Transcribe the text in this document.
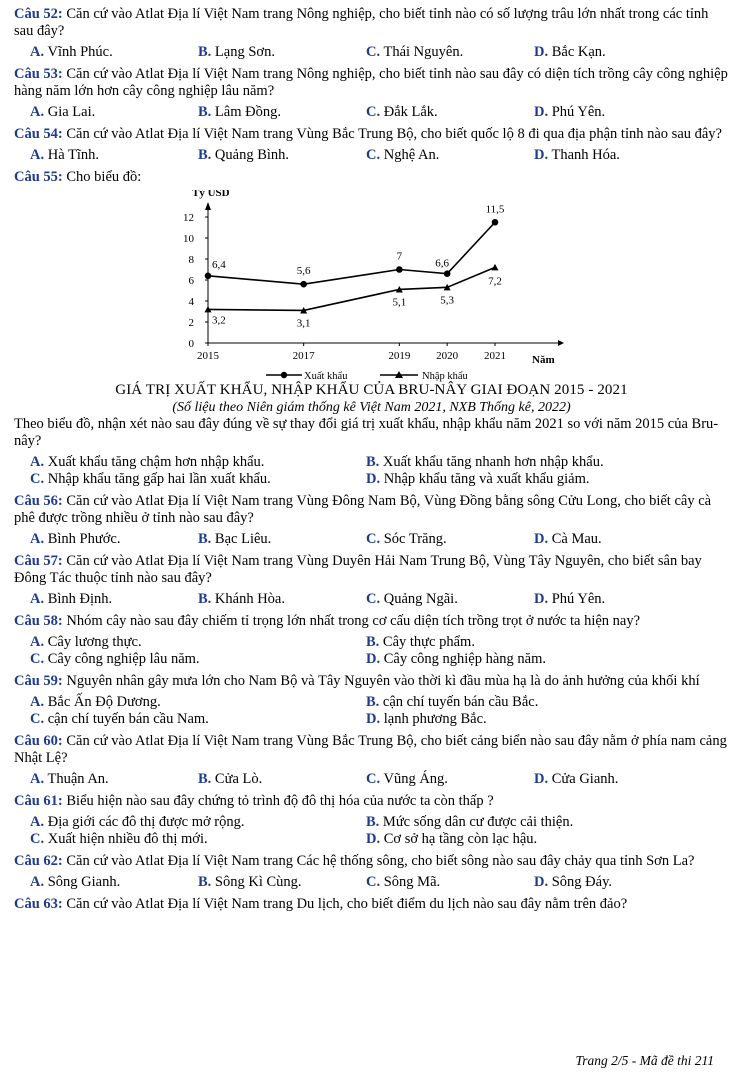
Câu 52: Căn cứ vào Atlat Địa lí Việt Nam trang Nông nghiệp, cho biết tỉnh nào có số lượng trâu lớn nhất trong các tỉnh sau đây?

A. Vĩnh Phúc.	B. Lạng Sơn.	C. Thái Nguyên.	D. Bắc Kạn.

Câu 53: Căn cứ vào Atlat Địa lí Việt Nam trang Nông nghiệp, cho biết tỉnh nào sau đây có diện tích trồng cây công nghiệp hàng năm lớn hơn cây công nghiệp lâu năm?

A. Gia Lai.	B. Lâm Đồng.	C. Đắk Lắk.	D. Phú Yên.

Câu 54: Căn cứ vào Atlat Địa lí Việt Nam trang Vùng Bắc Trung Bộ, cho biết quốc lộ 8 đi qua địa phận tỉnh nào sau đây?

A. Hà Tĩnh.	B. Quảng Bình.	C. Nghệ An.	D. Thanh Hóa.

Câu 55: Cho biểu đồ:

Tỷ USD
Năm
0
2
4
6
8
10
12
2015	2017	2019 2020 2021
6,4
5,6
7
6,6
11,5
3,2	3,1
5,1	5,3
7,2
Xuất khẩu	Nhập khẩu
GIÁ TRỊ XUẤT KHẨU, NHẬP KHẨU CỦA BRU-NÂY GIAI ĐOẠN 2015 - 2021
(Số liệu theo Niên giám thống kê Việt Nam 2021, NXB Thống kê, 2022)

Theo biểu đồ, nhận xét nào sau đây đúng về sự thay đổi giá trị xuất khẩu, nhập khẩu năm 2021 so với năm 2015 của Bru-nây?

A. Xuất khẩu tăng chậm hơn nhập khẩu.	B. Xuất khẩu tăng nhanh hơn nhập khẩu.
C. Nhập khẩu tăng gấp hai lần xuất khẩu.	D. Nhập khẩu tăng và xuất khẩu giảm.

Câu 56: Căn cứ vào Atlat Địa lí Việt Nam trang Vùng Đông Nam Bộ, Vùng Đồng bằng sông Cửu Long, cho biết cây cà phê được trồng nhiều ở tỉnh nào sau đây?

A. Bình Phước.	B. Bạc Liêu.	C. Sóc Trăng.	D. Cà Mau.

Câu 57: Căn cứ vào Atlat Địa lí Việt Nam trang Vùng Duyên Hải Nam Trung Bộ, Vùng Tây Nguyên, cho biết sân bay Đông Tác thuộc tỉnh nào sau đây?

A. Bình Định.	B. Khánh Hòa.	C. Quảng Ngãi.	D. Phú Yên.

Câu 58: Nhóm cây nào sau đây chiếm tỉ trọng lớn nhất trong cơ cấu diện tích trồng trọt ở nước ta hiện nay?

A. Cây lương thực.	B. Cây thực phẩm.
C. Cây công nghiệp lâu năm.	D. Cây công nghiệp hàng năm.

Câu 59: Nguyên nhân gây mưa lớn cho Nam Bộ và Tây Nguyên vào thời kì đầu mùa hạ là do ảnh hưởng của khối khí

A. Bắc Ấn Độ Dương.	B. cận chí tuyến bán cầu Bắc.
C. cận chí tuyến bán cầu Nam.	D. lạnh phương Bắc.

Câu 60: Căn cứ vào Atlat Địa lí Việt Nam trang Vùng Bắc Trung Bộ, cho biết cảng biển nào sau đây nằm ở phía nam cảng Nhật Lệ?

A. Thuận An.	B. Cửa Lò.	C. Vũng Áng.	D. Cửa Gianh.

Câu 61: Biểu hiện nào sau đây chứng tỏ trình độ đô thị hóa của nước ta còn thấp ?

A. Địa giới các đô thị được mở rộng.	B. Mức sống dân cư được cải thiện.
C. Xuất hiện nhiều đô thị mới.	D. Cơ sở hạ tầng còn lạc hậu.

Câu 62: Căn cứ vào Atlat Địa lí Việt Nam trang Các hệ thống sông, cho biết sông nào sau đây chảy qua tỉnh Sơn La?

A. Sông Gianh.	B. Sông Kì Cùng.	C. Sông Mã.	D. Sông Đáy.

Câu 63: Căn cứ vào Atlat Địa lí Việt Nam trang Du lịch, cho biết điểm du lịch nào sau đây nằm trên đảo?

Trang 2/5 - Mã đề thi 211
